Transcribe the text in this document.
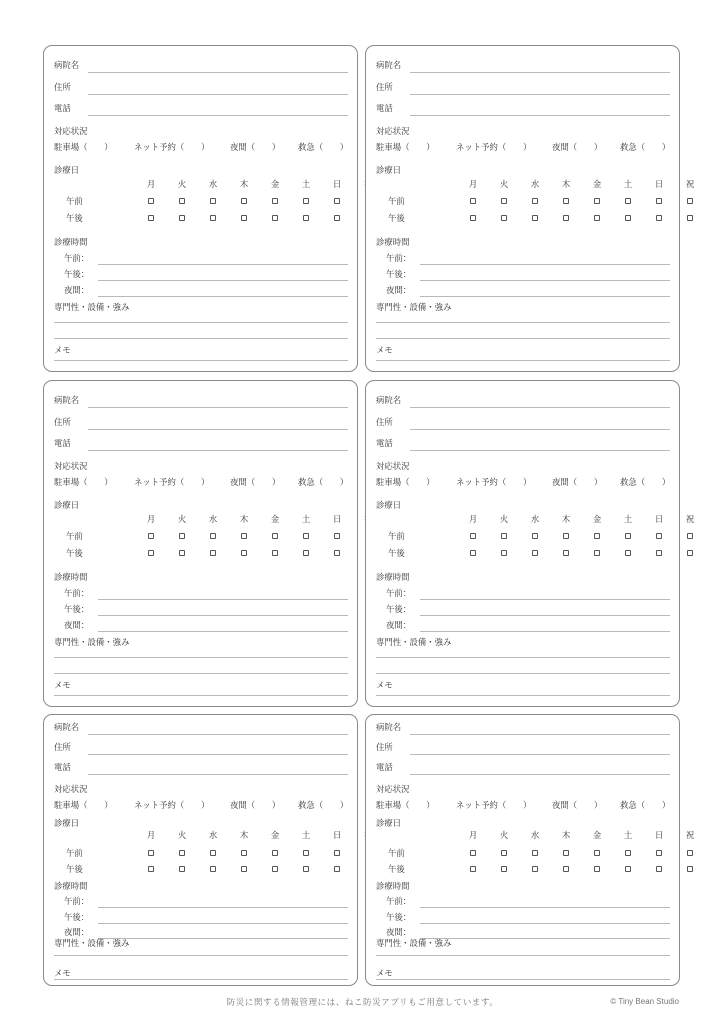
病院名
住所
電話
対応状況
駐車場（　　）	ネット予約（　　） 夜間（　　） 救急（　　）
診療日
月	火	水	木	金	土	日
午前
午後
診療時間
午前：
午後：
夜間：
専門性・設備・強み
メモ
病院名
住所
電話
対応状況
駐車場（　　）	ネット予約（　　） 夜間（　　） 救急（　　）
診療日
月	火	水	木	金	土	日	祝
午前
午後
診療時間
午前：
午後：
夜間：
専門性・設備・強み
メモ
病院名
住所
電話
対応状況
駐車場（　　）	ネット予約（　　） 夜間（　　） 救急（　　）
診療日
月	火	水	木	金	土	日
午前
午後
診療時間
午前：
午後：
夜間：
専門性・設備・強み
メモ
病院名
住所
電話
対応状況
駐車場（　　）	ネット予約（　　） 夜間（　　） 救急（　　）
診療日
月	火	水	木	金	土	日	祝
午前
午後
診療時間
午前：
午後：
夜間：
専門性・設備・強み
メモ
病院名
住所
電話
対応状況
駐車場（　　）	ネット予約（　　） 夜間（　　） 救急（　　）
診療日
月	火	水	木	金	土	日
午前
午後
診療時間
午前：
午後：
夜間：
専門性・設備・強み
メモ
病院名
住所
電話
対応状況
駐車場（　　）	ネット予約（　　） 夜間（　　） 救急（　　）
診療日
月	火	水	木	金	土	日	祝
午前
午後
診療時間
午前：
午後：
夜間：
専門性・設備・強み
メモ
防災に関する情報管理には、ねこ防災アプリもご用意しています。	© Tiny Bean Studio
